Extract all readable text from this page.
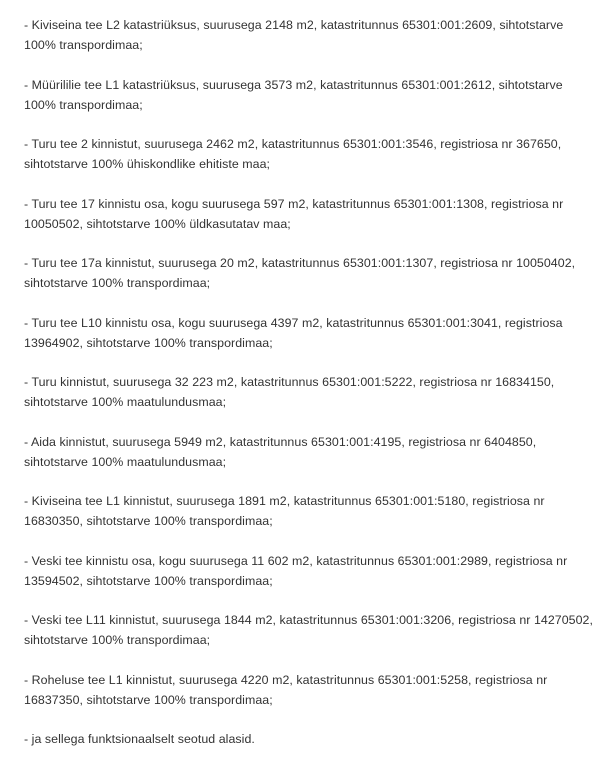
- Kiviseina tee L2 katastriüksus, suurusega 2148 m2, katastritunnus 65301:001:2609, sihtotstarve 100% transpordimaa;

- Müürililie tee L1 katastriüksus, suurusega 3573 m2, katastritunnus 65301:001:2612, sihtotstarve 100% transpordimaa;

- Turu tee 2 kinnistut, suurusega 2462 m2, katastritunnus 65301:001:3546, registriosa nr 367650, sihtotstarve 100% ühiskondlike ehitiste maa;

- Turu tee 17 kinnistu osa, kogu suurusega 597 m2, katastritunnus 65301:001:1308, registriosa nr 10050502, sihtotstarve 100% üldkasutatav maa;

- Turu tee 17a kinnistut, suurusega 20 m2, katastritunnus 65301:001:1307, registriosa nr 10050402, sihtotstarve 100% transpordimaa;

- Turu tee L10 kinnistu osa, kogu suurusega 4397 m2, katastritunnus 65301:001:3041, registriosa 13964902, sihtotstarve 100% transpordimaa;

- Turu kinnistut, suurusega 32 223 m2, katastritunnus 65301:001:5222, registriosa nr 16834150, sihtotstarve 100% maatulundusmaa;

- Aida kinnistut, suurusega 5949 m2, katastritunnus 65301:001:4195, registriosa nr 6404850, sihtotstarve 100% maatulundusmaa;

- Kiviseina tee L1 kinnistut, suurusega 1891 m2, katastritunnus 65301:001:5180, registriosa nr 16830350, sihtotstarve 100% transpordimaa;

- Veski tee kinnistu osa, kogu suurusega 11 602 m2, katastritunnus 65301:001:2989, registriosa nr 13594502, sihtotstarve 100% transpordimaa;

- Veski tee L11 kinnistut, suurusega 1844 m2, katastritunnus 65301:001:3206, registriosa nr 14270502, sihtotstarve 100% transpordimaa;

- Roheluse tee L1 kinnistut, suurusega 4220 m2, katastritunnus 65301:001:5258, registriosa nr 16837350, sihtotstarve 100% transpordimaa;

- ja sellega funktsionaalselt seotud alasid.
